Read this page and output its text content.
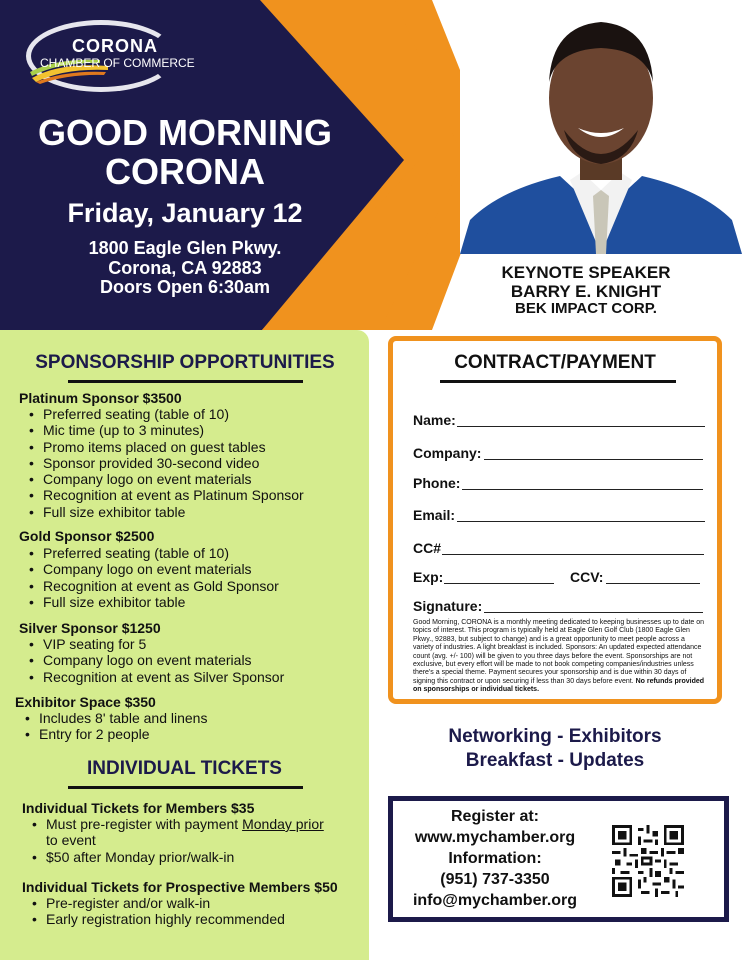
CORONA
CHAMBER OF COMMERCE
GOOD MORNING
CORONA
Friday, January 12
1800 Eagle Glen Pkwy.
Corona, CA 92883
Doors Open 6:30am
KEYNOTE SPEAKER
BARRY E. KNIGHT
BEK IMPACT CORP.
SPONSORSHIP OPPORTUNITIES
Platinum Sponsor $3500
• Preferred seating (table of 10)
• Mic time (up to 3 minutes)
• Promo items placed on guest tables
• Sponsor provided 30-second video
• Company logo on event materials
• Recognition at event as Platinum Sponsor
• Full size exhibitor table
Gold Sponsor $2500
• Preferred seating (table of 10)
• Company logo on event materials
• Recognition at event as Gold Sponsor
• Full size exhibitor table
Silver Sponsor $1250
• VIP seating for 5
• Company logo on event materials
• Recognition at event as Silver Sponsor
Exhibitor Space $350
• Includes 8' table and linens
• Entry for 2 people
INDIVIDUAL TICKETS
Individual Tickets for Members $35
• Must pre-register with payment Monday prior
to event
• $50 after Monday prior/walk-in
Individual Tickets for Prospective Members $50
• Pre-register and/or walk-in
• Early registration highly recommended
CONTRACT/PAYMENT
Name:
Company:
Phone:
Email:
CC#
Exp:	CCV:
Signature:
Good Morning, CORONA is a monthly meeting dedicated to keeping businesses up to date on topics of interest. This program is typically held at Eagle Glen Golf Club (1800 Eagle Glen Pkwy., 92883, but subject to change) and is a great opportunity to meet people across a variety of industries. A light breakfast is included. Sponsors: An updated expected attendance count (avg. +/- 100) will be given to you three days before the event. Sponsorships are not exclusive, but every effort will be made to not book competing companies/industries unless there's a special theme. Payment secures your sponsorship and is due within 30 days of signing this contract or upon securing if less than 30 days before event. No refunds provided on sponsorships or individual tickets.
Networking - Exhibitors
Breakfast - Updates
Register at:
www.mychamber.org
Information:
(951) 737-3350
info@mychamber.org
